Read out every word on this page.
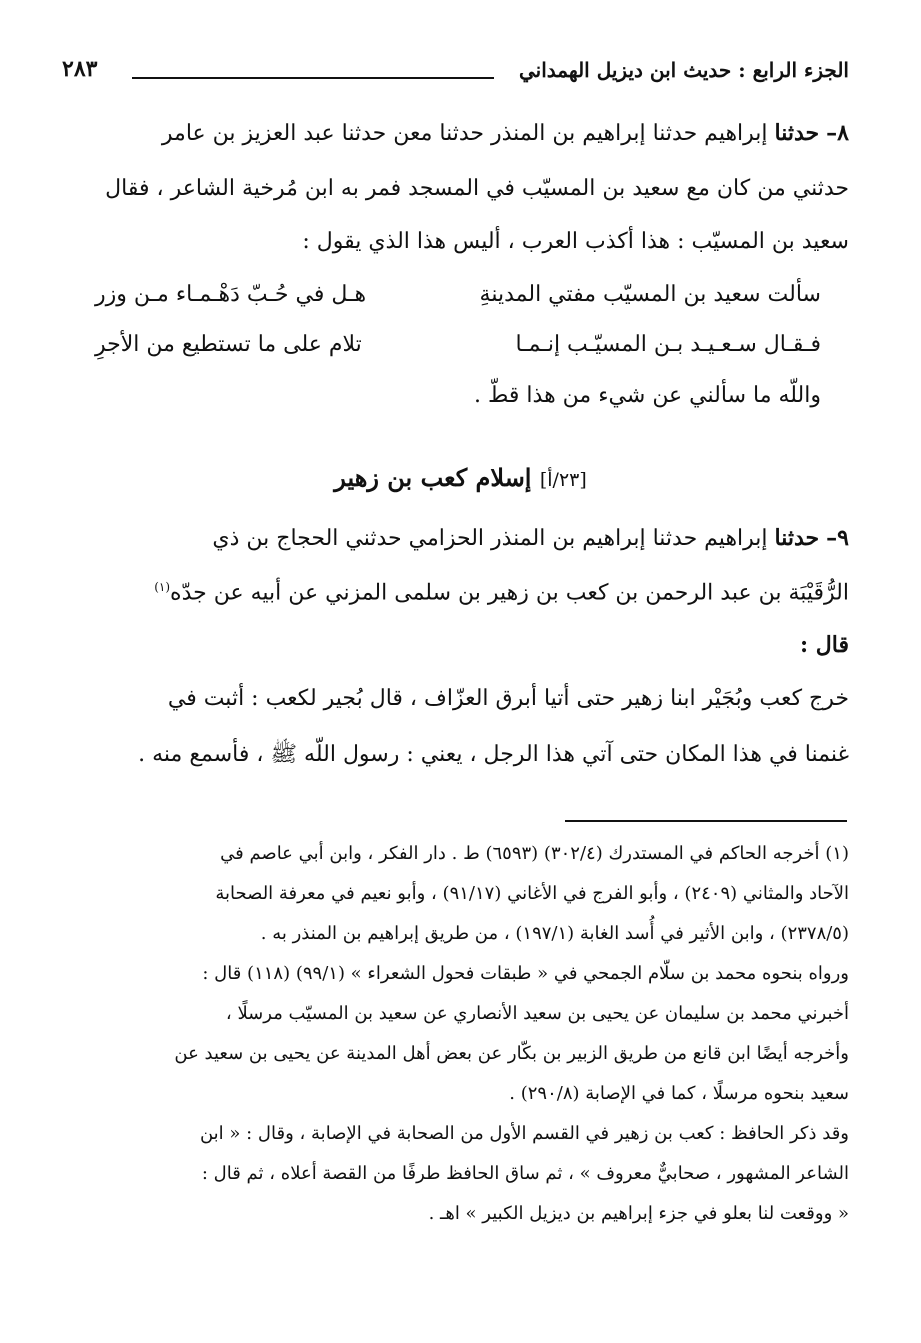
الجزء الرابع : حديث ابن ديزيل الهمداني
٢٨٣
٨– حدثنا إبراهيم حدثنا إبراهيم بن المنذر حدثنا معن حدثنا عبد العزيز بن عامر
حدثني من كان مع سعيد بن المسيّب في المسجد فمر به ابن مُرخية الشاعر ، فقال
سعيد بن المسيّب : هذا أكذب العرب ، أليس هذا الذي يقول :
سألت سعيد بن المسيّب مفتي المدينةِ
هـل في حُـبّ دَهْـمـاء مـن وزر
فـقـال سـعـيـد بـن المسيّـب إنـمـا
تلام على ما تستطيع من الأجرِ
واللّه ما سألني عن شيء من هذا قطّ .
[٢٣/أ] إسلام كعب بن زهير
٩– حدثنا إبراهيم حدثنا إبراهيم بن المنذر الحزامي حدثني الحجاج بن ذي
الرُّقَيْبَة بن عبد الرحمن بن كعب بن زهير بن سلمى المزني عن أبيه عن جدّه$^{(١)}$
قال :
خرج كعب وبُجَيْر ابنا زهير حتى أتيا أبرق العزّاف ، قال بُجير لكعب : أثبت في
غنمنا في هذا المكان حتى آتي هذا الرجل ، يعني : رسول اللّه ﷺ ، فأسمع منه .
(١) أخرجه الحاكم في المستدرك (٣٠٢/٤) (٦٥٩٣) ط . دار الفكر ، وابن أبي عاصم في
الآحاد والمثاني (٢٤٠٩) ، وأبو الفرج في الأغاني (٩١/١٧) ، وأبو نعيم في معرفة الصحابة
(٢٣٧٨/٥) ، وابن الأثير في أُسد الغابة (١٩٧/١) ، من طريق إبراهيم بن المنذر به .
ورواه بنحوه محمد بن سلّام الجمحي في « طبقات فحول الشعراء » (٩٩/١) (١١٨) قال :
أخبرني محمد بن سليمان عن يحيى بن سعيد الأنصاري عن سعيد بن المسيّب مرسلًا ،
وأخرجه أيضًا ابن قانع من طريق الزبير بن بكّار عن بعض أهل المدينة عن يحيى بن سعيد عن
سعيد بنحوه مرسلًا ، كما في الإصابة (٢٩٠/٨) .
وقد ذكر الحافظ : كعب بن زهير في القسم الأول من الصحابة في الإصابة ، وقال : « ابن
الشاعر المشهور ، صحابيٌّ معروف » ، ثم ساق الحافظ طرفًا من القصة أعلاه ، ثم قال :
« ووقعت لنا بعلو في جزء إبراهيم بن ديزيل الكبير » اهـ .
